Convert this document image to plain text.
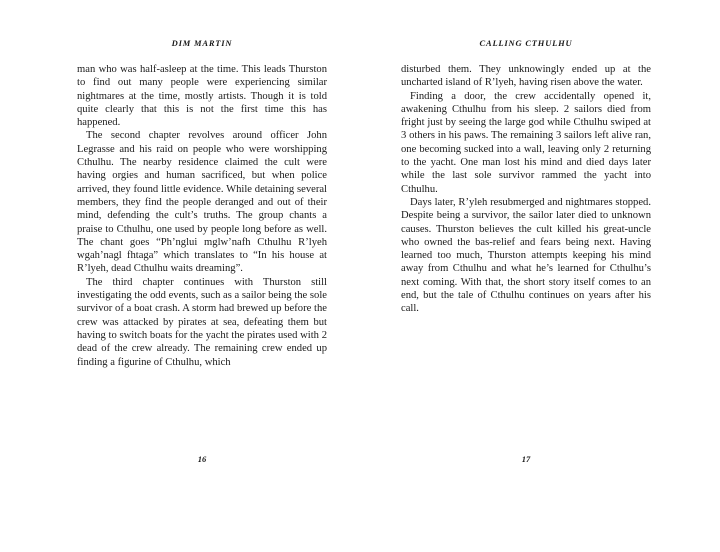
DIM MARTIN

man who was half-asleep at the time. This leads Thurston to find out many people were experiencing similar nightmares at the time, mostly artists. Though it is told quite clearly that this is not the first time this has happened.

The second chapter revolves around officer John Legrasse and his raid on people who were worshipping Cthulhu. The nearby residence claimed the cult were having orgies and human sacrificed, but when police arrived, they found little evidence. While detaining several members, they find the people deranged and out of their mind, defending the cult’s truths. The group chants a praise to Cthulhu, one used by people long before as well. The chant goes “Ph’nglui mglw’nafh Cthulhu R’lyeh wgah’nagl fhtaga” which translates to “In his house at R’lyeh, dead Cthulhu waits dreaming”.

The third chapter continues with Thurston still investigating the odd events, such as a sailor being the sole survivor of a boat crash. A storm had brewed up before the crew was attacked by pirates at sea, defeating them but having to switch boats for the yacht the pirates used with 2 dead of the crew already. The remaining crew ended up finding a figurine of Cthulhu, which

16
CALLING CTHULHU

disturbed them. They unknowingly ended up at the uncharted island of R’lyeh, having risen above the water.

Finding a door, the crew accidentally opened it, awakening Cthulhu from his sleep. 2 sailors died from fright just by seeing the large god while Cthulhu swiped at 3 others in his paws. The remaining 3 sailors left alive ran, one becoming sucked into a wall, leaving only 2 returning to the yacht. One man lost his mind and died days later while the last sole survivor rammed the yacht into Cthulhu.

Days later, R’yleh resubmerged and nightmares stopped. Despite being a survivor, the sailor later died to unknown causes. Thurston believes the cult killed his great-uncle who owned the bas-relief and fears being next. Having learned too much, Thurston attempts keeping his mind away from Cthulhu and what he’s learned for Cthulhu’s next coming. With that, the short story itself comes to an end, but the tale of Cthulhu continues on years after his call.

17
